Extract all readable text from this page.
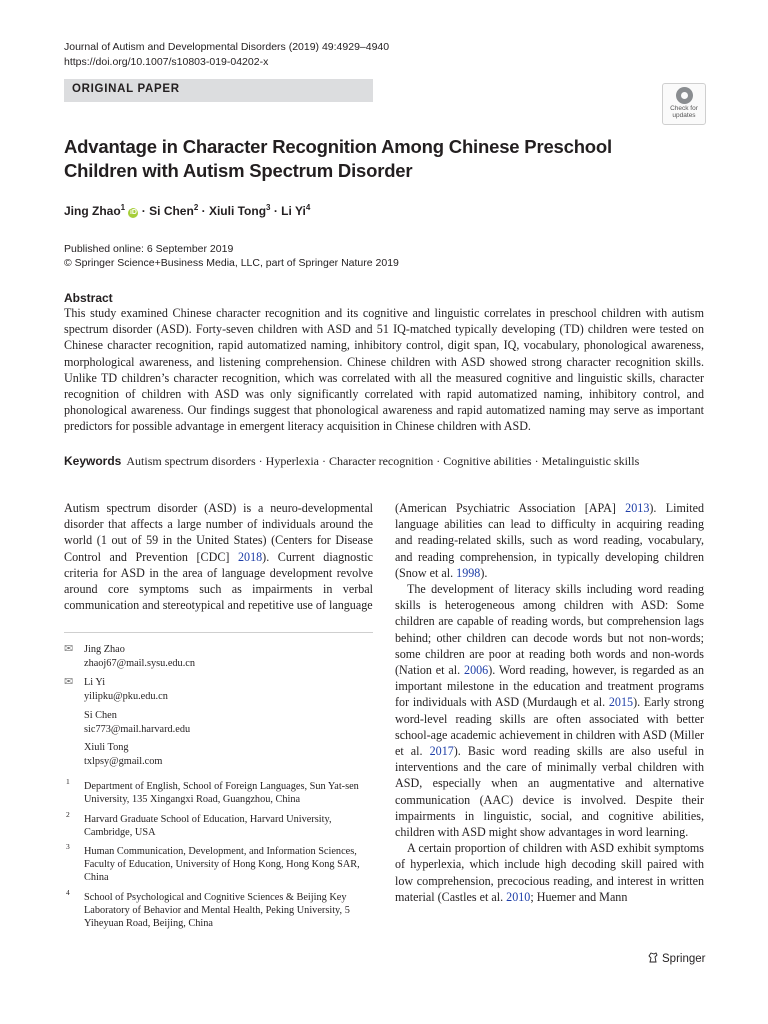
Journal of Autism and Developmental Disorders (2019) 49:4929–4940
https://doi.org/10.1007/s10803-019-04202-x
ORIGINAL PAPER
Check for
updates
Advantage in Character Recognition Among Chinese Preschool
Children with Autism Spectrum Disorder
Jing Zhao$^1$ iD · Si Chen$^2$ · Xiuli Tong$^3$ · Li Yi$^4$
Published online: 6 September 2019
© Springer Science+Business Media, LLC, part of Springer Nature 2019
Abstract
This study examined Chinese character recognition and its cognitive and linguistic correlates in preschool children with autism spectrum disorder (ASD). Forty-seven children with ASD and 51 IQ-matched typically developing (TD) children were tested on Chinese character recognition, rapid automatized naming, inhibitory control, digit span, IQ, vocabulary, phonological awareness, morphological awareness, and listening comprehension. Chinese children with ASD showed strong character recognition skills. Unlike TD children’s character recognition, which was correlated with all the measured cognitive and linguistic skills, character recognition of children with ASD was only significantly correlated with rapid automatized naming, inhibitory control, and phonological awareness. Our findings suggest that phonological awareness and rapid automatized naming may serve as important predictors for possible advantage in emergent literacy acquisition in Chinese children with ASD.
Keywords Autism spectrum disorders · Hyperlexia · Character recognition · Cognitive abilities · Metalinguistic skills
Autism spectrum disorder (ASD) is a neuro-developmental disorder that affects a large number of individuals around the world (1 out of 59 in the United States) (Centers for Disease Control and Prevention [CDC] 2018). Current diagnostic criteria for ASD in the area of language development revolve around core symptoms such as impairments in verbal communication and stereotypical and repetitive use of language
✉ Jing Zhao
zhaoj67@mail.sysu.edu.cn
✉ Li Yi
yilipku@pku.edu.cn
Si Chen
sic773@mail.harvard.edu
Xiuli Tong
txlpsy@gmail.com
1 Department of English, School of Foreign Languages, Sun Yat-sen University, 135 Xingangxi Road, Guangzhou, China
2 Harvard Graduate School of Education, Harvard University, Cambridge, USA
3 Human Communication, Development, and Information Sciences, Faculty of Education, University of Hong Kong, Hong Kong SAR, China
4 School of Psychological and Cognitive Sciences & Beijing Key Laboratory of Behavior and Mental Health, Peking University, 5 Yiheyuan Road, Beijing, China

(American Psychiatric Association [APA] 2013). Limited language abilities can lead to difficulty in acquiring reading and reading-related skills, such as word reading, vocabulary, and reading comprehension, in typically developing children (Snow et al. 1998).

The development of literacy skills including word reading skills is heterogeneous among children with ASD: Some children are capable of reading words, but comprehension lags behind; other children can decode words but not non-words; some children are poor at reading both words and non-words (Nation et al. 2006). Word reading, however, is regarded as an important milestone in the education and treatment programs for individuals with ASD (Murdaugh et al. 2015). Early strong word-level reading skills are often associated with better school-age academic achievement in children with ASD (Miller et al. 2017). Basic word reading skills are also useful in interventions and the care of minimally verbal children with ASD, especially when an augmentative and alternative communication (AAC) device is involved. Despite their impairments in linguistic, social, and cognitive abilities, children with ASD might show advantages in word learning.

A certain proportion of children with ASD exhibit symptoms of hyperlexia, which include high decoding skill paired with low comprehension, precocious reading, and interest in written material (Castles et al. 2010; Huemer and Mann

Springer
